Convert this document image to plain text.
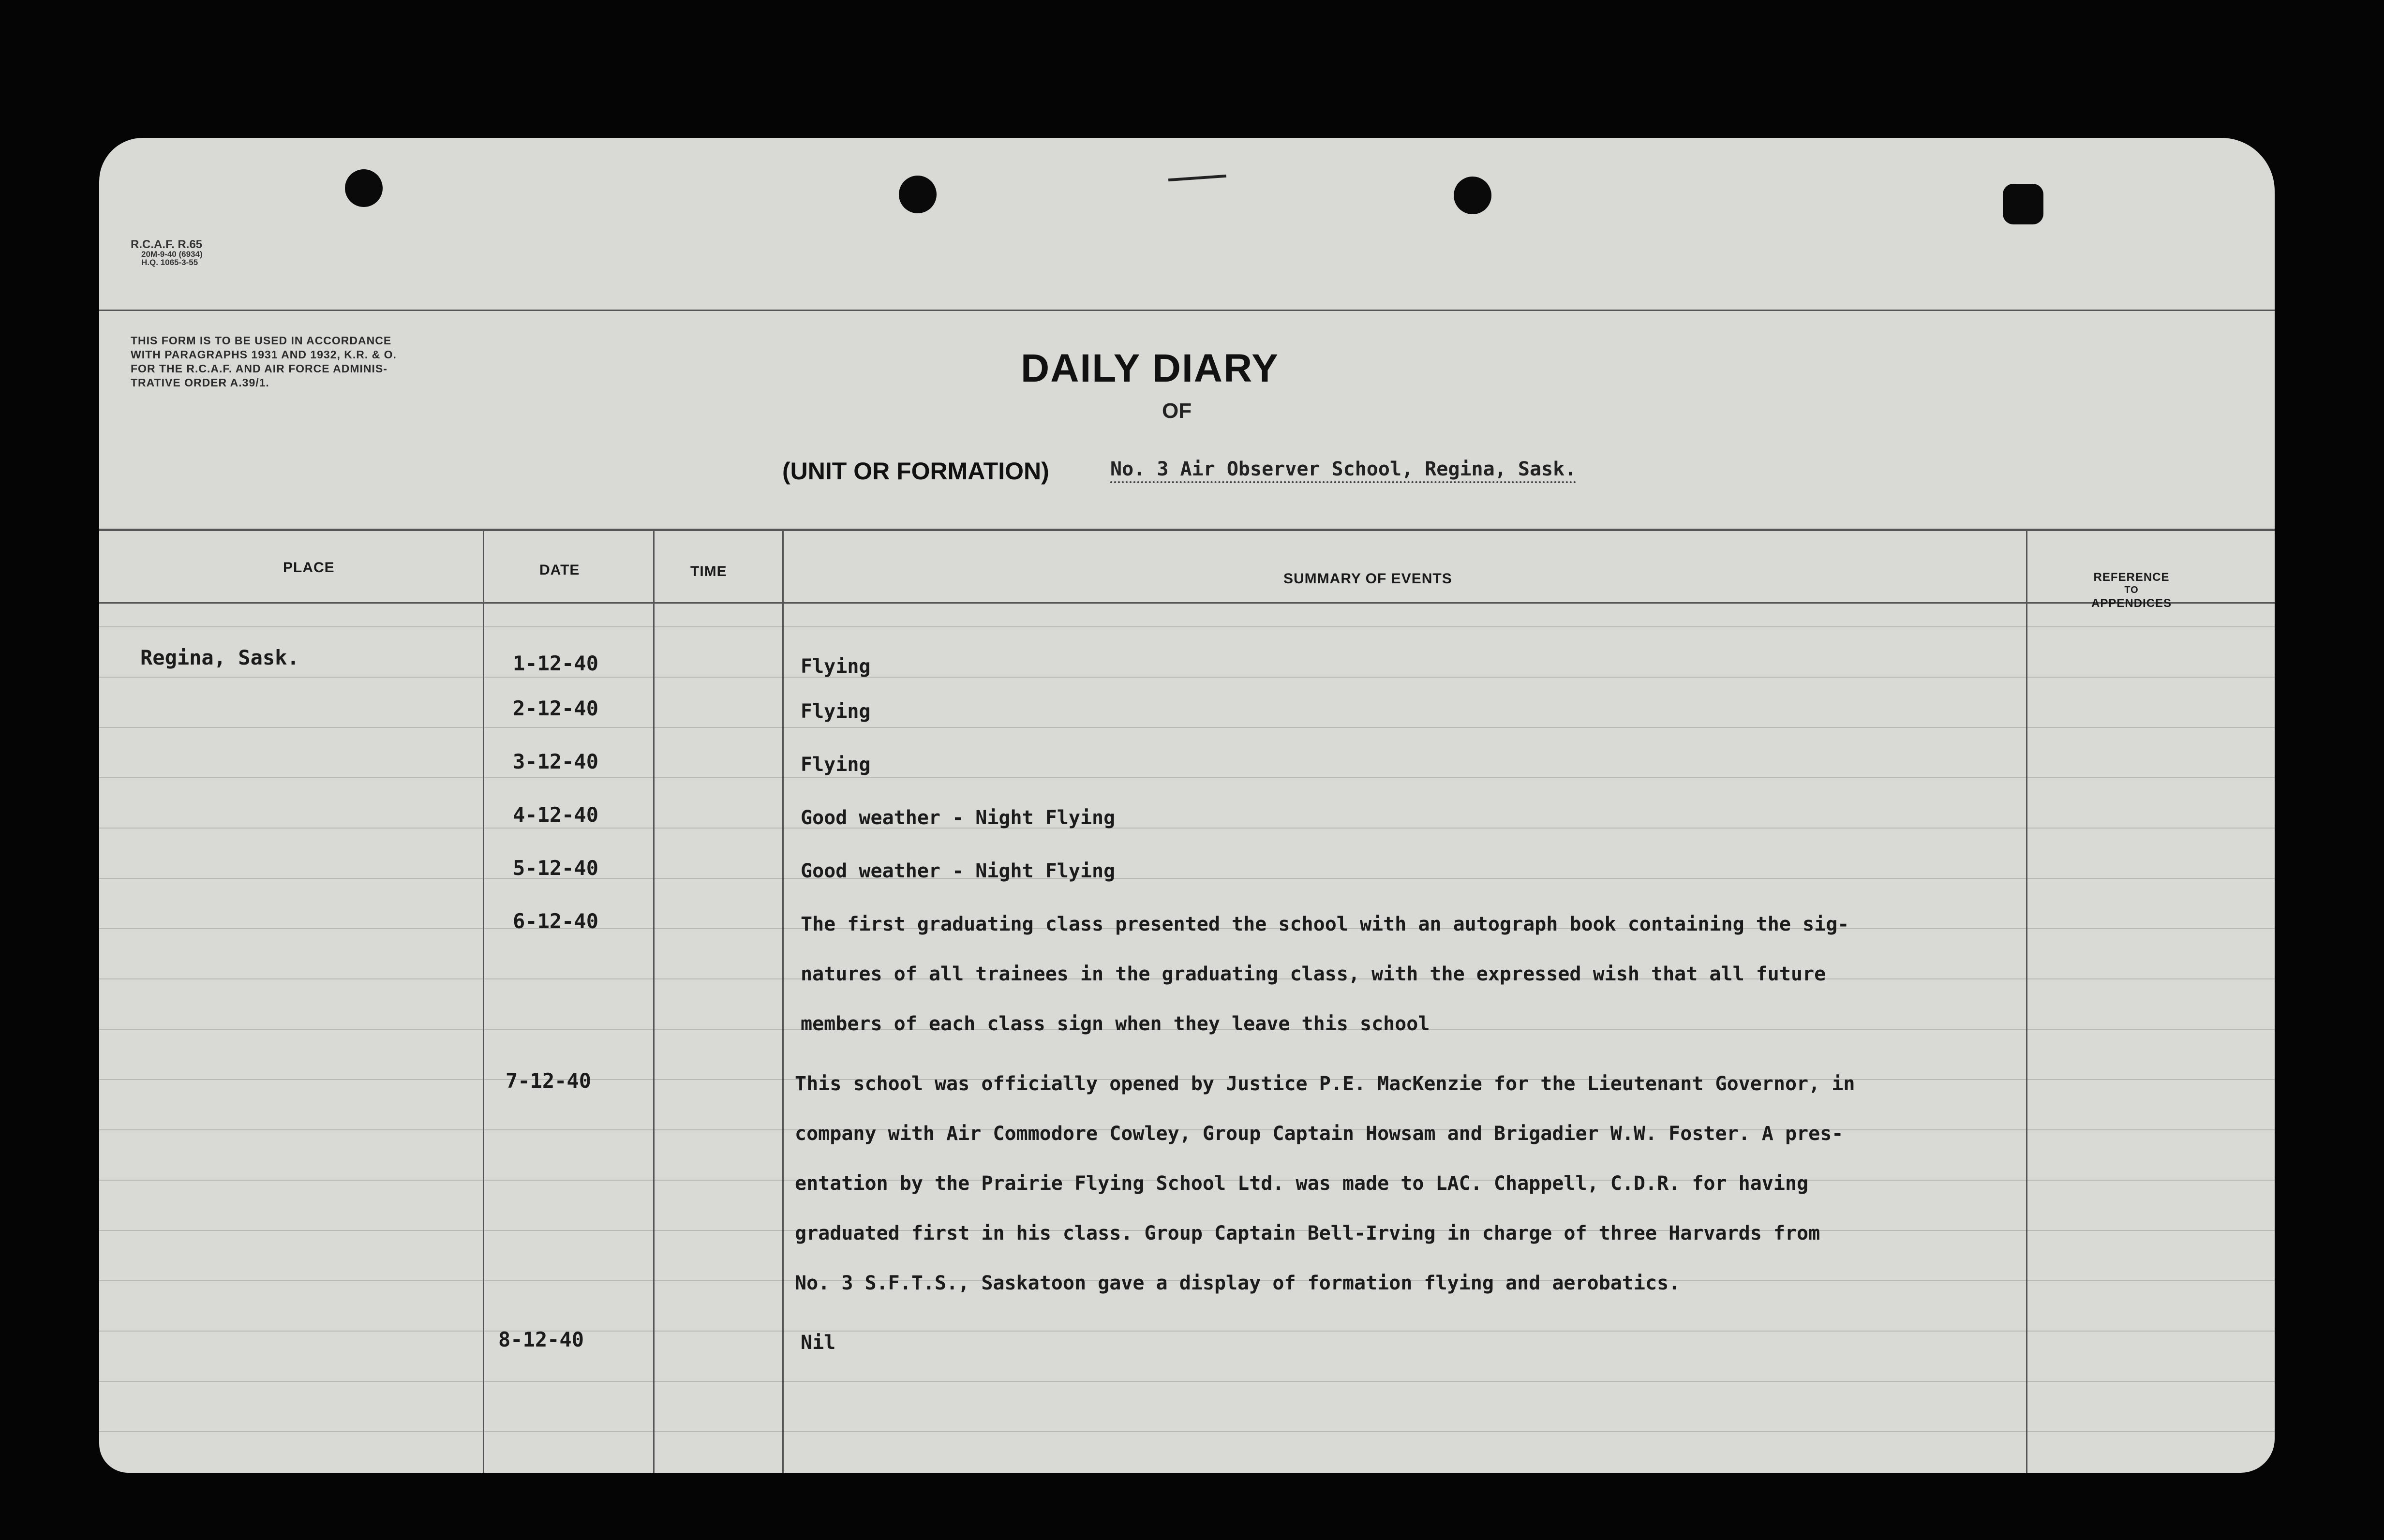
R.C.A.F. R.65
20M-9-40 (6934)
H.Q. 1065-3-55
THIS FORM IS TO BE USED IN ACCORDANCE
WITH PARAGRAPHS 1931 AND 1932, K.R. & O.
FOR THE R.C.A.F. AND AIR FORCE ADMINIS-
TRATIVE ORDER A.39/1.	DAILY DIARY
OF
(UNIT OR FORMATION)	No. 3 Air Observer School, Regina, Sask.
PLACE	DATE	TIME	SUMMARY OF EVENTS	REFERENCE
TO
APPENDICES
Regina, Sask.	1-12-40	Flying
2-12-40	Flying
3-12-40	Flying
4-12-40	Good weather - Night Flying
5-12-40	Good weather - Night Flying
6-12-40	The first graduating class presented the school with an autograph book containing the sig-
natures of all trainees in the graduating class, with the expressed wish that all future
members of each class sign when they leave this school
7-12-40	This school was officially opened by Justice P.E. MacKenzie for the Lieutenant Governor, in
company with Air Commodore Cowley, Group Captain Howsam and Brigadier W.W. Foster. A pres-
entation by the Prairie Flying School Ltd. was made to LAC. Chappell, C.D.R. for having
graduated first in his class. Group Captain Bell-Irving in charge of three Harvards from
No. 3 S.F.T.S., Saskatoon gave a display of formation flying and aerobatics.
8-12-40	Nil
